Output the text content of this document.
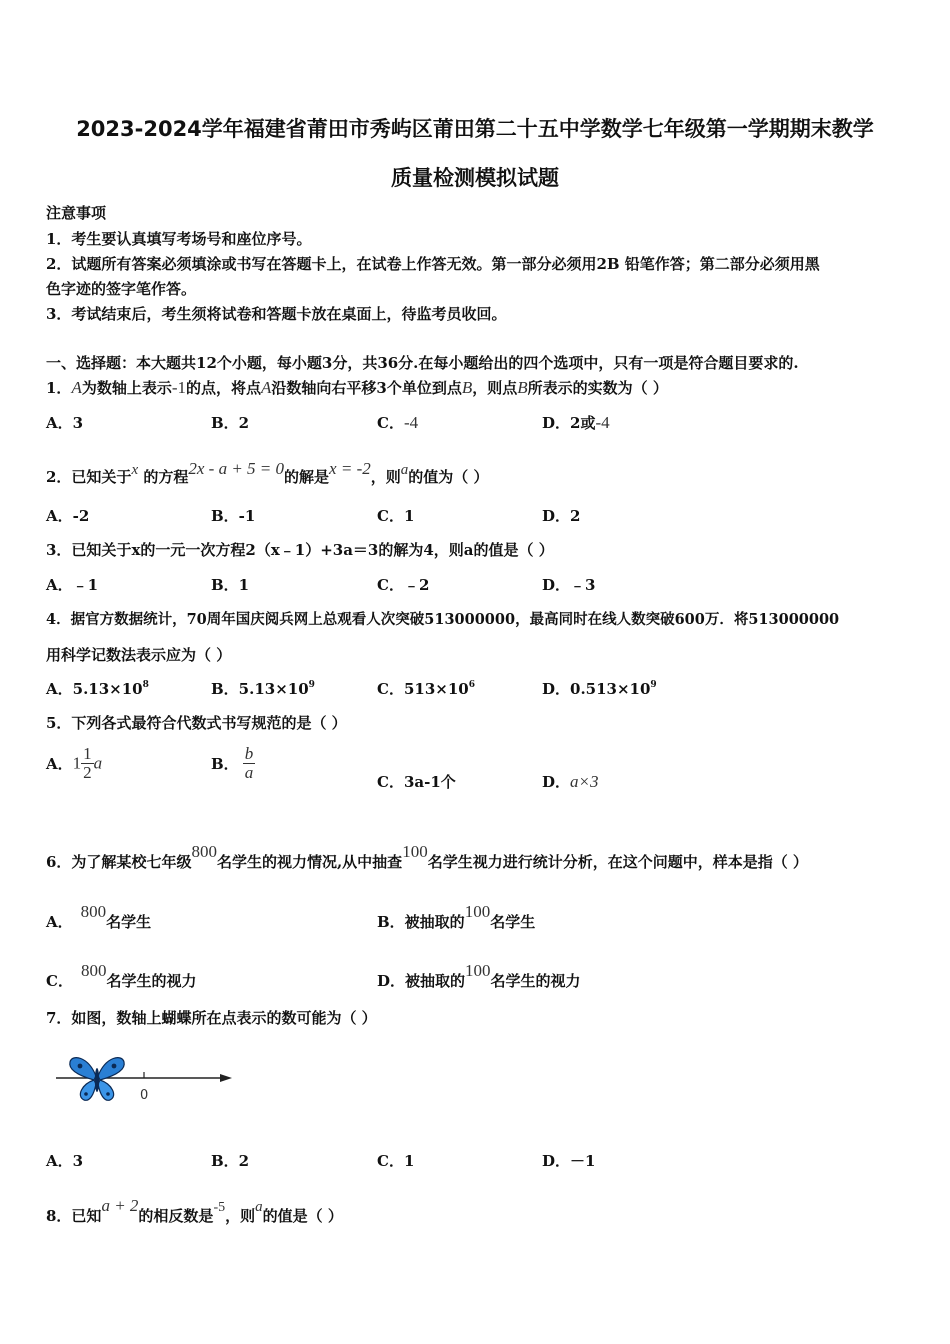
2023-2024学年福建省莆田市秀屿区莆田第二十五中学数学七年级第一学期期末教学
质量检测模拟试题
注意事项
1．考生要认真填写考场号和座位序号。
2．试题所有答案必须填涂或书写在答题卡上，在试卷上作答无效。第一部分必须用2B 铅笔作答；第二部分必须用黑
色字迹的签字笔作答。
3．考试结束后，考生须将试卷和答题卡放在桌面上，待监考员收回。
一、选择题：本大题共12个小题，每小题3分，共36分.在每小题给出的四个选项中，只有一项是符合题目要求的.
1．A为数轴上表示-1的点，将点A沿数轴向右平移3个单位到点B，则点B所表示的实数为（ ）
A．3	B．2	C．-4	D．2或-4
2．已知关于x 的方程2x - a + 5 = 0的解是x = -2，则a的值为（ ）
A．-2	B．-1	C．1	D．2
3．已知关于x的一元一次方程2（x﹣1）+3a＝3的解为4，则a的值是（ ）
A．﹣1	B．1	C．﹣2	D．﹣3
4．据官方数据统计，70周年国庆阅兵网上总观看人次突破513000000，最高同时在线人数突破600万．将513000000
用科学记数法表示应为（ ）
A．$5.13\times 10^8$	B．$5.13\times 10^9$	C．$513\times 10^6$	D．$0.513\times 10^9$
5．下列各式最符合代数式书写规范的是（ ）
A．$1 \frac{1}{2}$ a	B． $\frac{b}{a}$	C．3a-1个	D．a×3
6．为了解某校七年级800名学生的视力情况,从中抽查100名学生视力进行统计分析，在这个问题中，样本是指（ ）
A．800名学生	B．被抽取的100名学生
C．800名学生的视力	D．被抽取的100名学生的视力
7．如图，数轴上蝴蝶所在点表示的数可能为（ ）
0
A．3	B．2	C．1	D．－1
8．已知a + 2的相反数是-5，则a的值是（ ）
